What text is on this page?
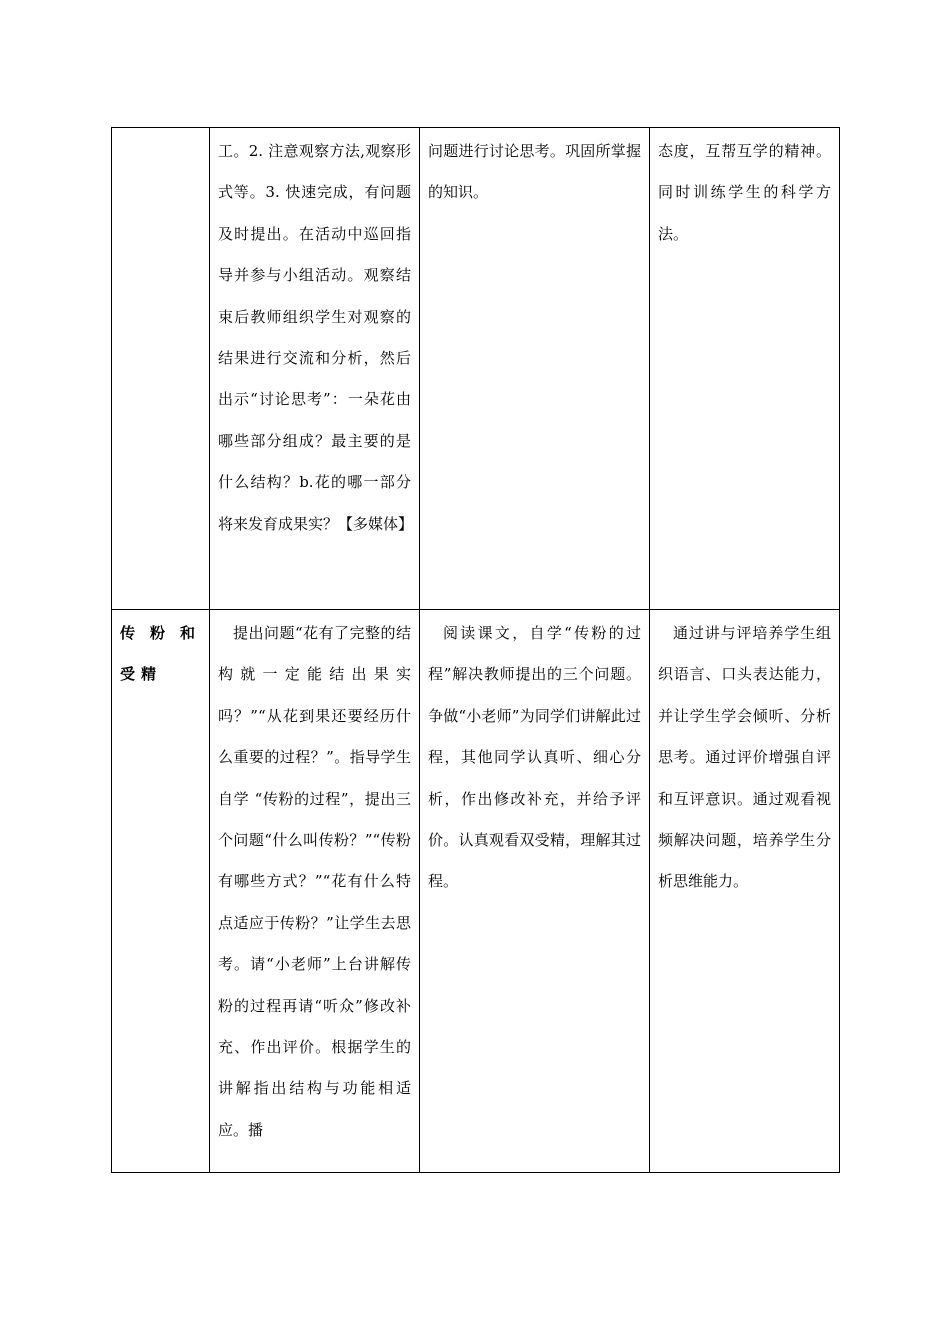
	工。2. 注意观察方法,观察形式等。3. 快速完成，有问题及时提出。在活动中巡回指导并参与小组活动。观察结束后教师组织学生对观察的结果进行交流和分析，然后出示“讨论思考”：一朵花由哪些部分组成？最主要的是什么结构？b.花的哪一部分将来发育成果实？【多媒体】	问题进行讨论思考。巩固所掌握的知识。	态度，互帮互学的精神。 同时训练学生的科学方法。
传粉和受精	提出问题“花有了完整的结构就一定能结出果实吗？”“从花到果还要经历什么重要的过程？”。指导学生自学 “传粉的过程”，提出三个问题“什么叫传粉？”“传粉有哪些方式？”“花有什么特点适应于传粉？”让学生去思考。请“小老师”上台讲解传粉的过程再请“听众”修改补充、作出评价。根据学生的讲解指出结构与功能相适应。播	阅读课文，自学“传粉的过程”解决教师提出的三个问题。争做“小老师”为同学们讲解此过程，其他同学认真听、细心分析，作出修改补充，并给予评价。认真观看双受精，理解其过程。	通过讲与评培养学生组织语言、口头表达能力，并让学生学会倾听、分析思考。通过评价增强自评和互评意识。通过观看视频解决问题，培养学生分析思维能力。
